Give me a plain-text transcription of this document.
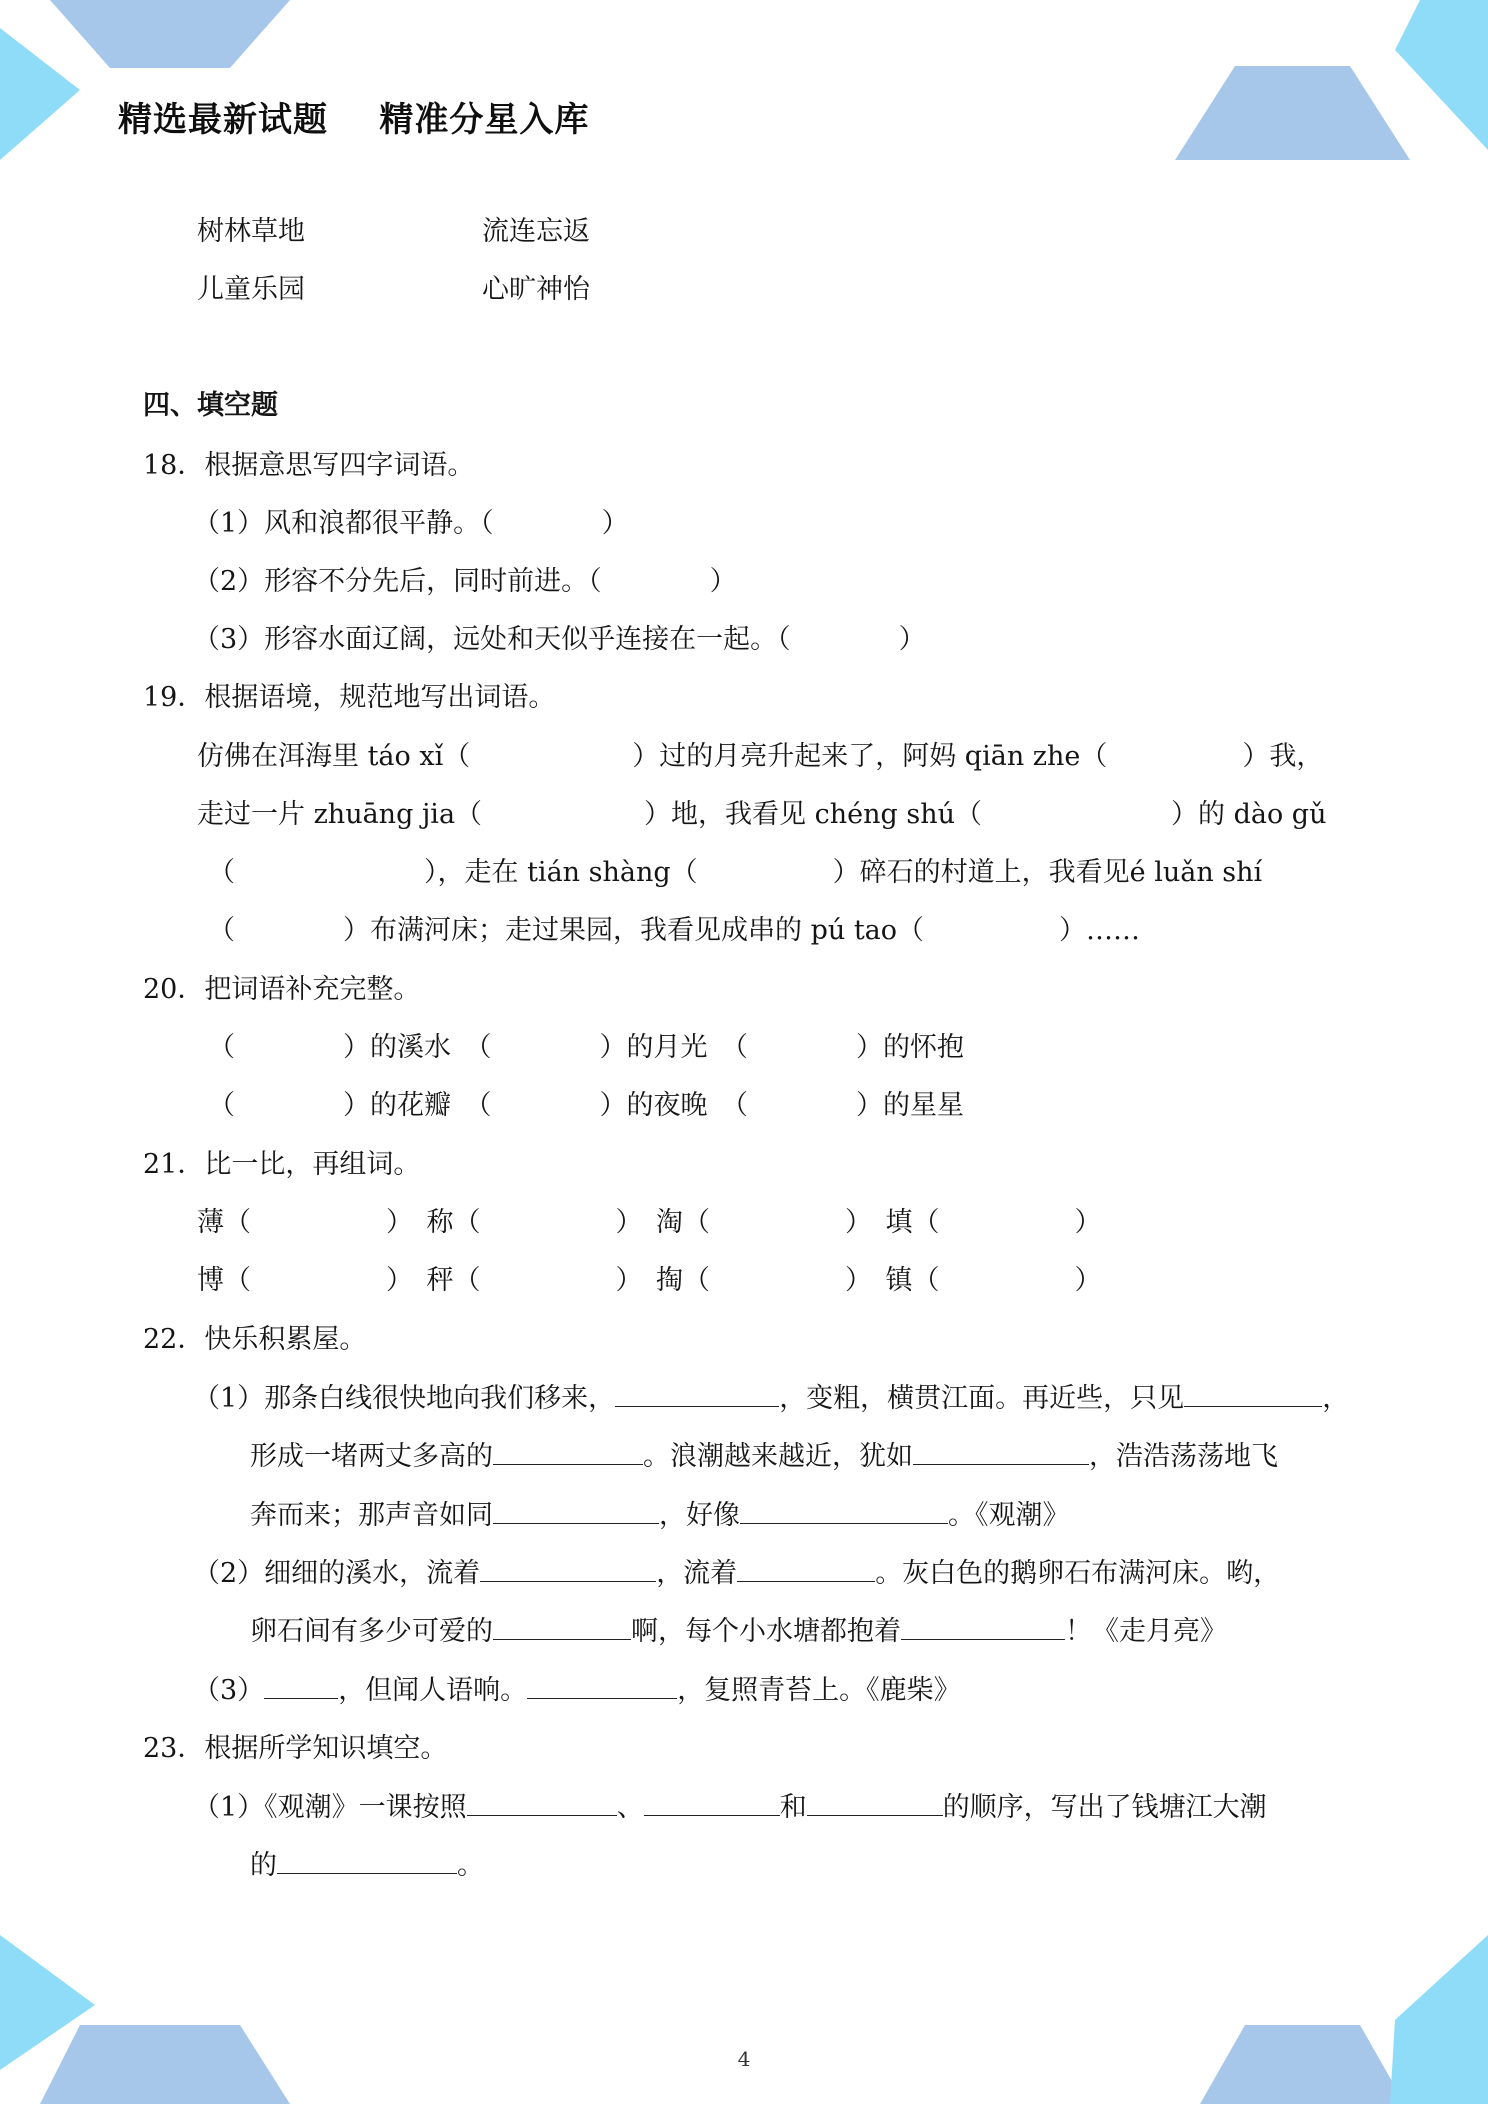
精选最新试题    精准分星入库
树林草地	流连忘返
儿童乐园	心旷神怡
四、填空题
18．根据意思写四字词语。
（1）风和浪都很平静。（　　　　）
（2）形容不分先后，同时前进。（　　　　）
（3）形容水面辽阔，远处和天似乎连接在一起。（　　　　）
19．根据语境，规范地写出词语。
仿佛在洱海里 táo xǐ（　　　　　　）过的月亮升起来了，阿妈 qiān zhe（　　　　　）我，
走过一片 zhuāng jia（　　　　　　）地，我看见 chéng shú（　　　　　　　）的 dào gǔ
（　　　　　　　），走在 tián shàng（　　　　　）碎石的村道上，我看见é luǎn shí
（　　　　）布满河床；走过果园，我看见成串的 pú tao（　　　　　）……
20．把词语补充完整。
（　　　　）的溪水　（　　　　）的月光　（　　　　）的怀抱
（　　　　）的花瓣　（　　　　）的夜晚　（　　　　）的星星
21．比一比，再组词。
薄（　　　　　）　称（　　　　　）　淘（　　　　　）　填（　　　　　）
博（　　　　　）　秤（　　　　　）　掏（　　　　　）　镇（　　　　　）
22．快乐积累屋。
（1）那条白线很快地向我们移来，	，变粗，横贯江面。再近些，只见	，
形成一堵两丈多高的	。浪潮越来越近，犹如	，浩浩荡荡地飞
奔而来；那声音如同	，好像	。《观潮》
（2）细细的溪水，流着	，流着	。灰白色的鹅卵石布满河床。哟，
卵石间有多少可爱的	啊，每个小水塘都抱着	！《走月亮》
（3）	，但闻人语响。	，复照青苔上。《鹿柴》
23．根据所学知识填空。
（1）《观潮》一课按照	、	和	的顺序，写出了钱塘江大潮
的	。
4
